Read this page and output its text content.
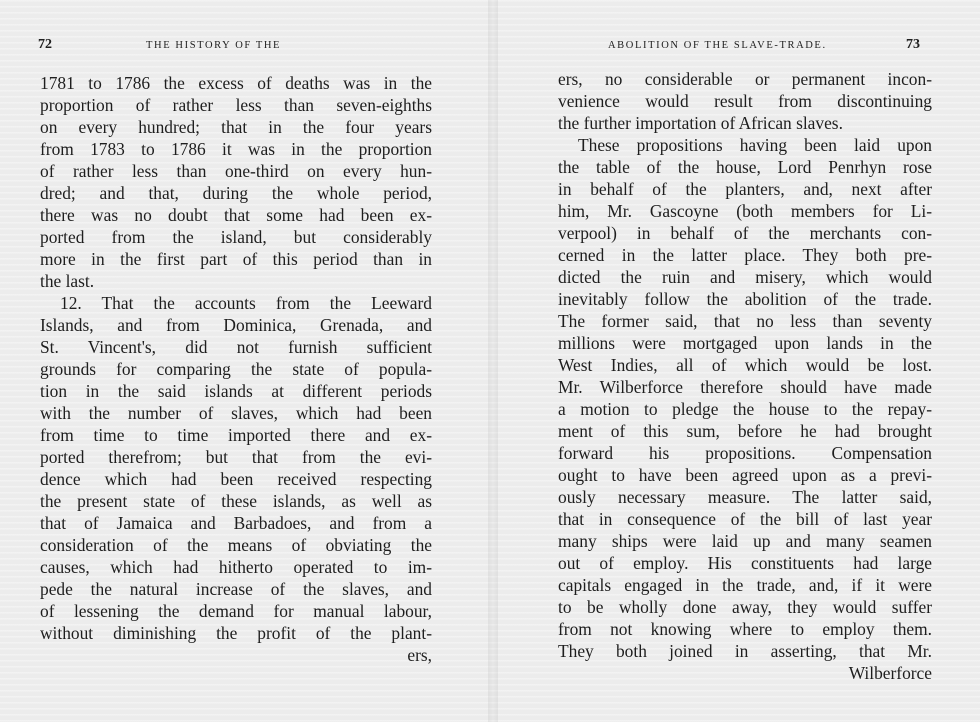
72	THE HISTORY OF THE
1781 to 1786 the excess of deaths was in the
proportion of rather less than seven-eighths
on every hundred; that in the four years
from 1783 to 1786 it was in the proportion
of rather less than one-third on every hun-
dred; and that, during the whole period,
there was no doubt that some had been ex-
ported from the island, but considerably
more in the first part of this period than in
the last.
12. That the accounts from the Leeward
Islands, and from Dominica, Grenada, and
St. Vincent's, did not furnish sufficient
grounds for comparing the state of popula-
tion in the said islands at different periods
with the number of slaves, which had been
from time to time imported there and ex-
ported therefrom; but that from the evi-
dence which had been received respecting
the present state of these islands, as well as
that of Jamaica and Barbadoes, and from a
consideration of the means of obviating the
causes, which had hitherto operated to im-
pede the natural increase of the slaves, and
of lessening the demand for manual labour,
without diminishing the profit of the plant-
ers,
ABOLITION OF THE SLAVE-TRADE.	73
ers, no considerable or permanent incon-
venience would result from discontinuing
the further importation of African slaves.
These propositions having been laid upon
the table of the house, Lord Penrhyn rose
in behalf of the planters, and, next after
him, Mr. Gascoyne (both members for Li-
verpool) in behalf of the merchants con-
cerned in the latter place. They both pre-
dicted the ruin and misery, which would
inevitably follow the abolition of the trade.
The former said, that no less than seventy
millions were mortgaged upon lands in the
West Indies, all of which would be lost.
Mr. Wilberforce therefore should have made
a motion to pledge the house to the repay-
ment of this sum, before he had brought
forward his propositions. Compensation
ought to have been agreed upon as a previ-
ously necessary measure. The latter said,
that in consequence of the bill of last year
many ships were laid up and many seamen
out of employ. His constituents had large
capitals engaged in the trade, and, if it were
to be wholly done away, they would suffer
from not knowing where to employ them.
They both joined in asserting, that Mr.
Wilberforce
